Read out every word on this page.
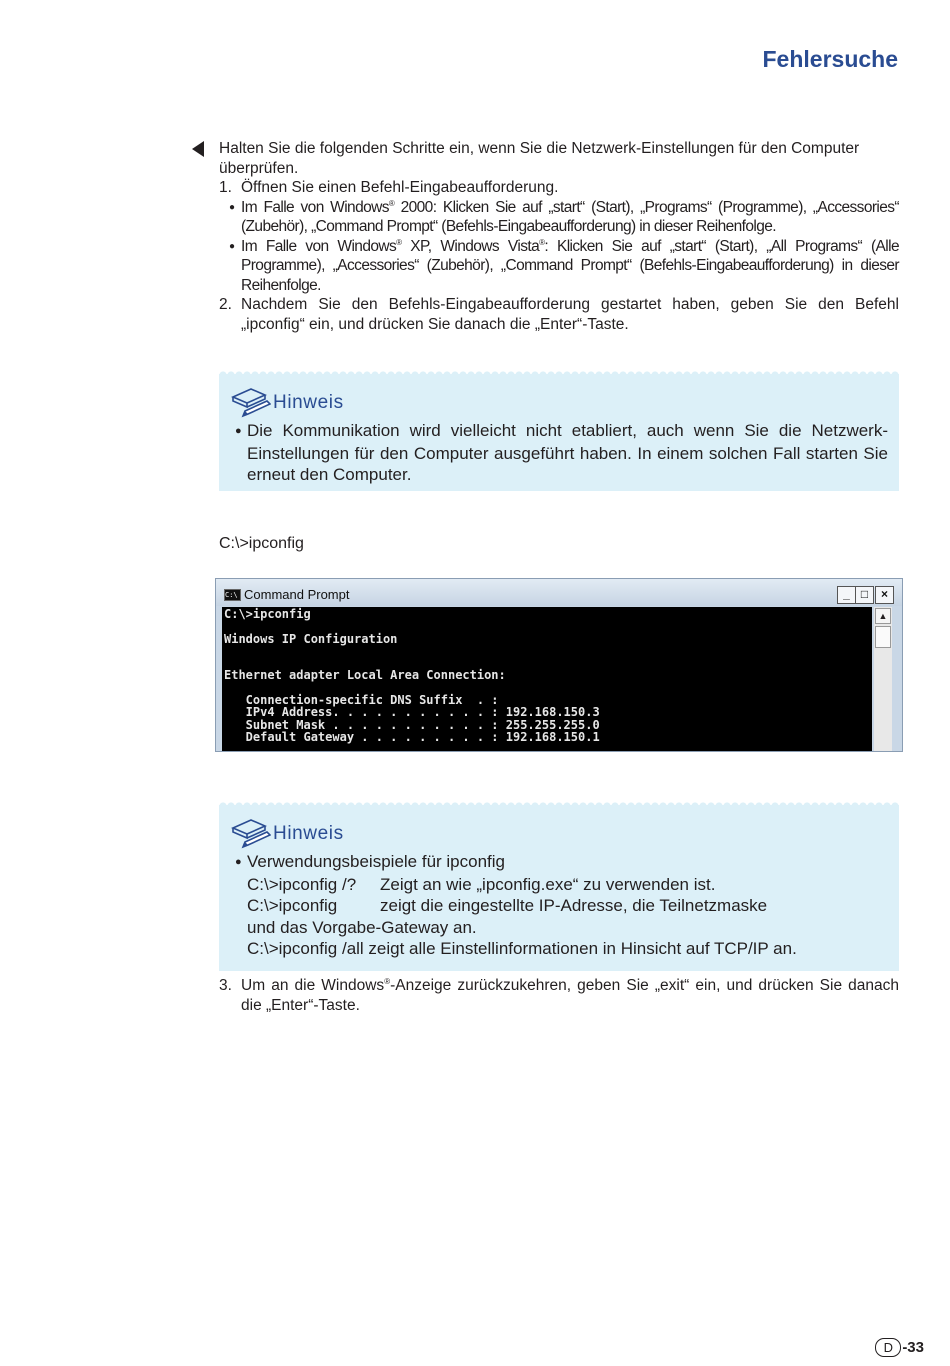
Fehlersuche
Halten Sie die folgenden Schritte ein, wenn Sie die Netzwerk-Einstellungen für den Computer überprüfen.
1. Öffnen Sie einen Befehl-Eingabeaufforderung.
● Im Falle von Windows® 2000: Klicken Sie auf „start“ (Start), „Programs“ (Programme), „Accessories“ (Zubehör), „Command Prompt“ (Befehls-Eingabeaufforderung) in dieser Reihenfolge.
● Im Falle von Windows® XP, Windows Vista®: Klicken Sie auf „start“ (Start), „All Programs“ (Alle Programme), „Accessories“ (Zubehör), „Command Prompt“ (Befehls-Eingabeaufforderung) in dieser Reihenfolge.
2. Nachdem Sie den Befehls-Eingabeaufforderung gestartet haben, geben Sie den Befehl „ipconfig“ ein, und drücken Sie danach die „Enter“-Taste.
Hinweis
● Die Kommunikation wird vielleicht nicht etabliert, auch wenn Sie die Netzwerk-Einstellungen für den Computer ausgeführt haben. In einem solchen Fall starten Sie erneut den Computer.
C:\>ipconfig
C:\ Command Prompt	_ □	×
C:\>ipconfig

Windows IP Configuration

Ethernet adapter Local Area Connection:

Connection-specific DNS Suffix  . :
IPv4 Address. . . . . . . . . . . : 192.168.150.3
Subnet Mask . . . . . . . . . . . : 255.255.255.0
Default Gateway . . . . . . . . . : 192.168.150.1
▲
Hinweis
● Verwendungsbeispiele für ipconfig
C:\>ipconfig /? Zeigt an wie „ipconfig.exe“ zu verwenden ist.
C:\>ipconfig	zeigt die eingestellte IP-Adresse, die Teilnetzmaske
und das Vorgabe-Gateway an.
C:\>ipconfig /all zeigt alle Einstellinformationen in Hinsicht auf TCP/IP an.
3. Um an die Windows®-Anzeige zurückzukehren, geben Sie „exit“ ein, und drücken Sie danach die „Enter“-Taste.
D -33
